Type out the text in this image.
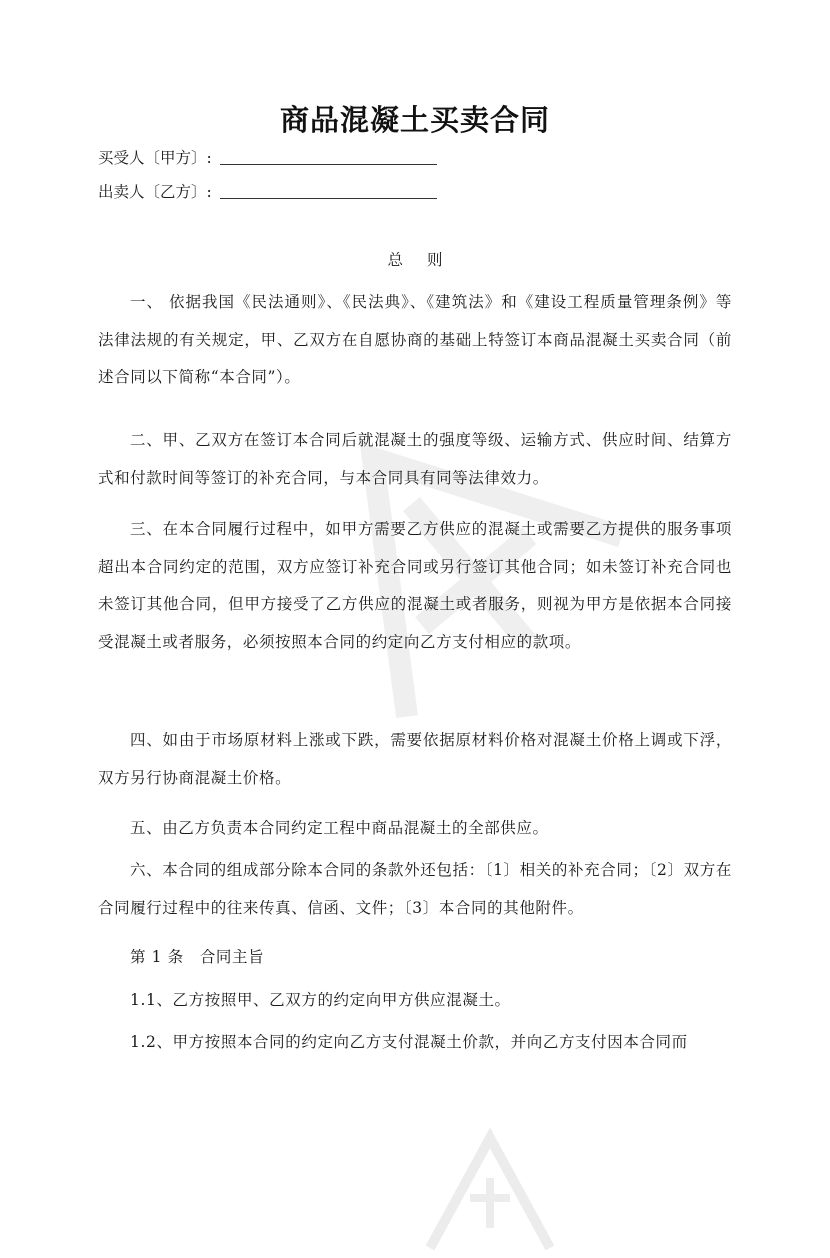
商品混凝土买卖合同
买受人〔甲方〕:
出卖人〔乙方〕:
总则
一、 依据我国《民法通则》、《民法典》、《建筑法》和《建设工程质量管理条例》等法律法规的有关规定，甲、乙双方在自愿协商的基础上特签订本商品混凝土买卖合同（前述合同以下简称“本合同”）。
二、甲、乙双方在签订本合同后就混凝土的强度等级、运输方式、供应时间、结算方式和付款时间等签订的补充合同，与本合同具有同等法律效力。
三、在本合同履行过程中，如甲方需要乙方供应的混凝土或需要乙方提供的服务事项超出本合同约定的范围，双方应签订补充合同或另行签订其他合同；如未签订补充合同也未签订其他合同，但甲方接受了乙方供应的混凝土或者服务，则视为甲方是依据本合同接受混凝土或者服务，必须按照本合同的约定向乙方支付相应的款项。
四、如由于市场原材料上涨或下跌，需要依据原材料价格对混凝土价格上调或下浮，双方另行协商混凝土价格。
五、由乙方负责本合同约定工程中商品混凝土的全部供应。
六、本合同的组成部分除本合同的条款外还包括：〔1〕相关的补充合同；〔2〕双方在合同履行过程中的往来传真、信函、文件；〔3〕本合同的其他附件。
第 1 条　合同主旨
1.1、乙方按照甲、乙双方的约定向甲方供应混凝土。
1.2、甲方按照本合同的约定向乙方支付混凝土价款，并向乙方支付因本合同而
